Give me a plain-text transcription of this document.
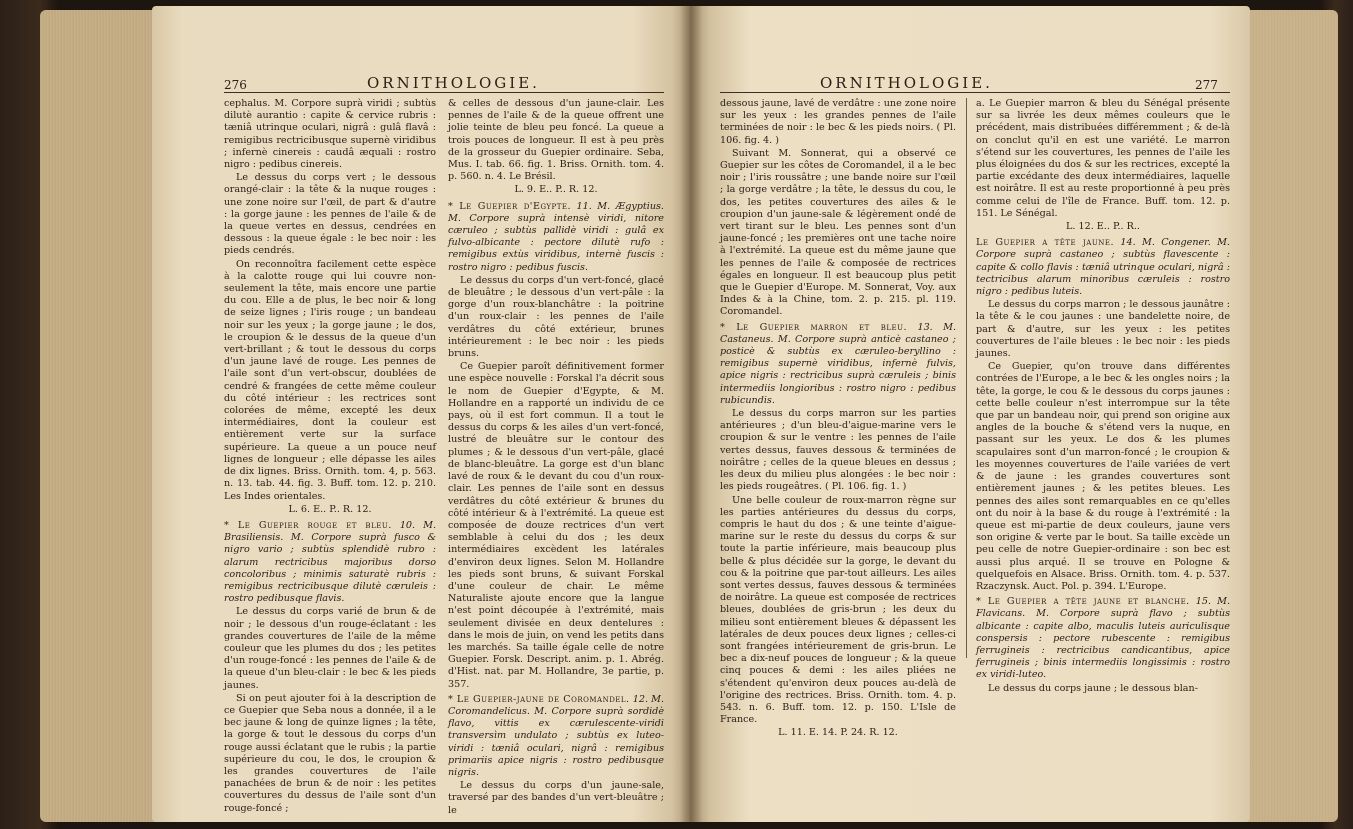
276	ORNITHOLOGIE.

cephalus. M. Corpore suprà viridi ; subtùs dilutè aurantio : capite & cervice rubris : tæniâ utrinque oculari, nigrâ : gulâ flavâ : remigibus rectricibusque supernè viridibus ; infernè cinereis : caudâ æquali : rostro nigro : pedibus cinereis.

Le dessus du corps vert ; le dessous orangé-clair : la tête & la nuque rouges : une zone noire sur l'œil, de part & d'autre : la gorge jaune : les pennes de l'aile & de la queue vertes en dessus, cendrées en dessous : la queue égale : le bec noir : les pieds cendrés.

On reconnoîtra facilement cette espèce à la calotte rouge qui lui couvre non-seulement la tête, mais encore une partie du cou. Elle a de plus, le bec noir & long de seize lignes ; l'iris rouge ; un bandeau noir sur les yeux ; la gorge jaune ; le dos, le croupion & le dessus de la queue d'un vert-brillant ; & tout le dessous du corps d'un jaune lavé de rouge. Les pennes de l'aile sont d'un vert-obscur, doublées de cendré & frangées de cette même couleur du côté intérieur : les rectrices sont colorées de même, excepté les deux intermédiaires, dont la couleur est entièrement verte sur la surface supérieure. La queue a un pouce neuf lignes de longueur ; elle dépasse les ailes de dix lignes. Briss. Ornith. tom. 4, p. 563. n. 13. tab. 44. fig. 3. Buff. tom. 12. p. 210. Les Indes orientales.

L. 6. E.. P.. R. 12.

* Le Guepier rouge et bleu. 10. M. Brasiliensis. M. Corpore suprà fusco & nigro vario ; subtùs splendidè rubro : alarum rectricibus majoribus dorso concoloribus ; minimis saturatè rubris : remigibus rectricibusque dilutè cæruleis : rostro pedibusque flavis.

Le dessus du corps varié de brun & de noir ; le dessous d'un rouge-éclatant : les grandes couvertures de l'aile de la même couleur que les plumes du dos ; les petites d'un rouge-foncé : les pennes de l'aile & de la queue d'un bleu-clair : le bec & les pieds jaunes.

Si on peut ajouter foi à la description de ce Guepier que Seba nous a donnée, il a le bec jaune & long de quinze lignes ; la tête, la gorge & tout le dessous du corps d'un rouge aussi éclatant que le rubis ; la partie supérieure du cou, le dos, le croupion & les grandes couvertures de l'aile panachées de brun & de noir : les petites couvertures du dessus de l'aile sont d'un rouge-foncé ;

& celles de dessous d'un jaune-clair. Les pennes de l'aile & de la queue offrent une jolie teinte de bleu peu foncé. La queue a trois pouces de longueur. Il est à peu près de la grosseur du Guepier ordinaire. Seba, Mus. I. tab. 66. fig. 1. Briss. Ornith. tom. 4. p. 560. n. 4. Le Brésil.

L. 9. E.. P.. R. 12.

* Le Guepier d'Egypte. 11. M. Ægyptius. M. Corpore suprà intensè viridi, nitore cæruleo ; subtùs pallidè viridi : gulâ ex fulvo-albicante : pectore dilutè rufo : remigibus extùs viridibus, internè fuscis : rostro nigro : pedibus fuscis.

Le dessus du corps d'un vert-foncé, glacé de bleuâtre ; le dessous d'un vert-pâle : la gorge d'un roux-blanchâtre : la poitrine d'un roux-clair : les pennes de l'aile verdâtres du côté extérieur, brunes intérieurement : le bec noir : les pieds bruns.

Ce Guepier paroît définitivement former une espèce nouvelle : Forskal l'a décrit sous le nom de Guepier d'Egypte, & M. Hollandre en a rapporté un individu de ce pays, où il est fort commun. Il a tout le dessus du corps & les ailes d'un vert-foncé, lustré de bleuâtre sur le contour des plumes ; & le dessous d'un vert-pâle, glacé de blanc-bleuâtre. La gorge est d'un blanc lavé de roux & le devant du cou d'un roux-clair. Les pennes de l'aile sont en dessus verdâtres du côté extérieur & brunes du côté intérieur & à l'extrémité. La queue est composée de douze rectrices d'un vert semblable à celui du dos ; les deux intermédiaires excèdent les latérales d'environ deux lignes. Selon M. Hollandre les pieds sont bruns, & suivant Forskal d'une couleur de chair. Le même Naturaliste ajoute encore que la langue n'est point découpée à l'extrémité, mais seulement divisée en deux dentelures : dans le mois de juin, on vend les petits dans les marchés. Sa taille égale celle de notre Guepier. Forsk. Descript. anim. p. 1. Abrég. d'Hist. nat. par M. Hollandre, 3e partie, p. 357.

* Le Guepier-jaune de Coromandel. 12. M. Coromandelicus. M. Corpore suprà sordidè flavo, vittis ex cærulescente-viridi transversìm undulato ; subtùs ex luteo-viridi : tæniâ oculari, nigrâ : remigibus primariis apice nigris : rostro pedibusque nigris.

Le dessus du corps d'un jaune-sale, traversé par des bandes d'un vert-bleuâtre ; le

ORNITHOLOGIE.	277

dessous jaune, lavé de verdâtre : une zone noire sur les yeux : les grandes pennes de l'aile terminées de noir : le bec & les pieds noirs. ( Pl. 106. fig. 4. )

Suivant M. Sonnerat, qui a observé ce Guepier sur les côtes de Coromandel, il a le bec noir ; l'iris roussâtre ; une bande noire sur l'œil ; la gorge verdâtre ; la tête, le dessus du cou, le dos, les petites couvertures des ailes & le croupion d'un jaune-sale & légèrement ondé de vert tirant sur le bleu. Les pennes sont d'un jaune-foncé ; les premières ont une tache noire à l'extrémité. La queue est du même jaune que les pennes de l'aile & composée de rectrices égales en longueur. Il est beaucoup plus petit que le Guepier d'Europe. M. Sonnerat, Voy. aux Indes & à la Chine, tom. 2. p. 215. pl. 119. Coromandel.

* Le Guepier marron et bleu. 13. M. Castaneus. M. Corpore suprà anticè castaneo ; posticè & subtùs ex cæruleo-beryllino : remigibus supernè viridibus, infernè fulvis, apice nigris : rectricibus suprà cæruleis ; binis intermediis longioribus : rostro nigro : pedibus rubicundis.

Le dessus du corps marron sur les parties antérieures ; d'un bleu-d'aigue-marine vers le croupion & sur le ventre : les pennes de l'aile vertes dessus, fauves dessous & terminées de noirâtre ; celles de la queue bleues en dessus ; les deux du milieu plus alongées : le bec noir : les pieds rougeâtres. ( Pl. 106. fig. 1. )

Une belle couleur de roux-marron règne sur les parties antérieures du dessus du corps, compris le haut du dos ; & une teinte d'aigue-marine sur le reste du dessus du corps & sur toute la partie inférieure, mais beaucoup plus belle & plus décidée sur la gorge, le devant du cou & la poitrine que par-tout ailleurs. Les ailes sont vertes dessus, fauves dessous & terminées de noirâtre. La queue est composée de rectrices bleues, doublées de gris-brun ; les deux du milieu sont entièrement bleues & dépassent les latérales de deux pouces deux lignes ; celles-ci sont frangées intérieurement de gris-brun. Le bec a dix-neuf pouces de longueur ; & la queue cinq pouces & demi : les ailes pliées ne s'étendent qu'environ deux pouces au-delà de l'origine des rectrices. Briss. Ornith. tom. 4. p. 543. n. 6. Buff. tom. 12. p. 150. L'Isle de France.

L. 11. E. 14. P. 24. R. 12.

a. Le Guepier marron & bleu du Sénégal présente sur sa livrée les deux mêmes couleurs que le précédent, mais distribuées différemment ; & de-là on conclut qu'il en est une variété. Le marron s'étend sur les couvertures, les pennes de l'aile les plus éloignées du dos & sur les rectrices, excepté la partie excédante des deux intermédiaires, laquelle est noirâtre. Il est au reste proportionné à peu près comme celui de l'île de France. Buff. tom. 12. p. 151. Le Sénégal.

L. 12. E.. P.. R..

Le Guepier a tête jaune. 14. M. Congener. M. Corpore suprà castaneo ; subtùs flavescente : capite & collo flavis : tæniâ utrinque oculari, nigrâ : tectricibus alarum minoribus cæruleis : rostro nigro : pedibus luteis.

Le dessus du corps marron ; le dessous jaunâtre : la tête & le cou jaunes : une bandelette noire, de part & d'autre, sur les yeux : les petites couvertures de l'aile bleues : le bec noir : les pieds jaunes.

Ce Guepier, qu'on trouve dans différentes contrées de l'Europe, a le bec & les ongles noirs ; la tête, la gorge, le cou & le dessous du corps jaunes : cette belle couleur n'est interrompue sur la tête que par un bandeau noir, qui prend son origine aux angles de la bouche & s'étend vers la nuque, en passant sur les yeux. Le dos & les plumes scapulaires sont d'un marron-foncé ; le croupion & les moyennes couvertures de l'aile variées de vert & de jaune : les grandes couvertures sont entièrement jaunes ; & les petites bleues. Les pennes des ailes sont remarquables en ce qu'elles ont du noir à la base & du rouge à l'extrémité : la queue est mi-partie de deux couleurs, jaune vers son origine & verte par le bout. Sa taille excède un peu celle de notre Guepier-ordinaire : son bec est aussi plus arqué. Il se trouve en Pologne & quelquefois en Alsace. Briss. Ornith. tom. 4. p. 537. Rzaczynsk. Auct. Pol. p. 394. L'Europe.

* Le Guepier a tête jaune et blanche. 15. M. Flavicans. M. Corpore suprà flavo ; subtùs albicante : capite albo, maculis luteis auriculisque conspersis : pectore rubescente : remigibus ferrugineis : rectricibus candicantibus, apice ferrugineis ; binis intermediis longissimis : rostro ex viridi-luteo.

Le dessus du corps jaune ; le dessous blan-
